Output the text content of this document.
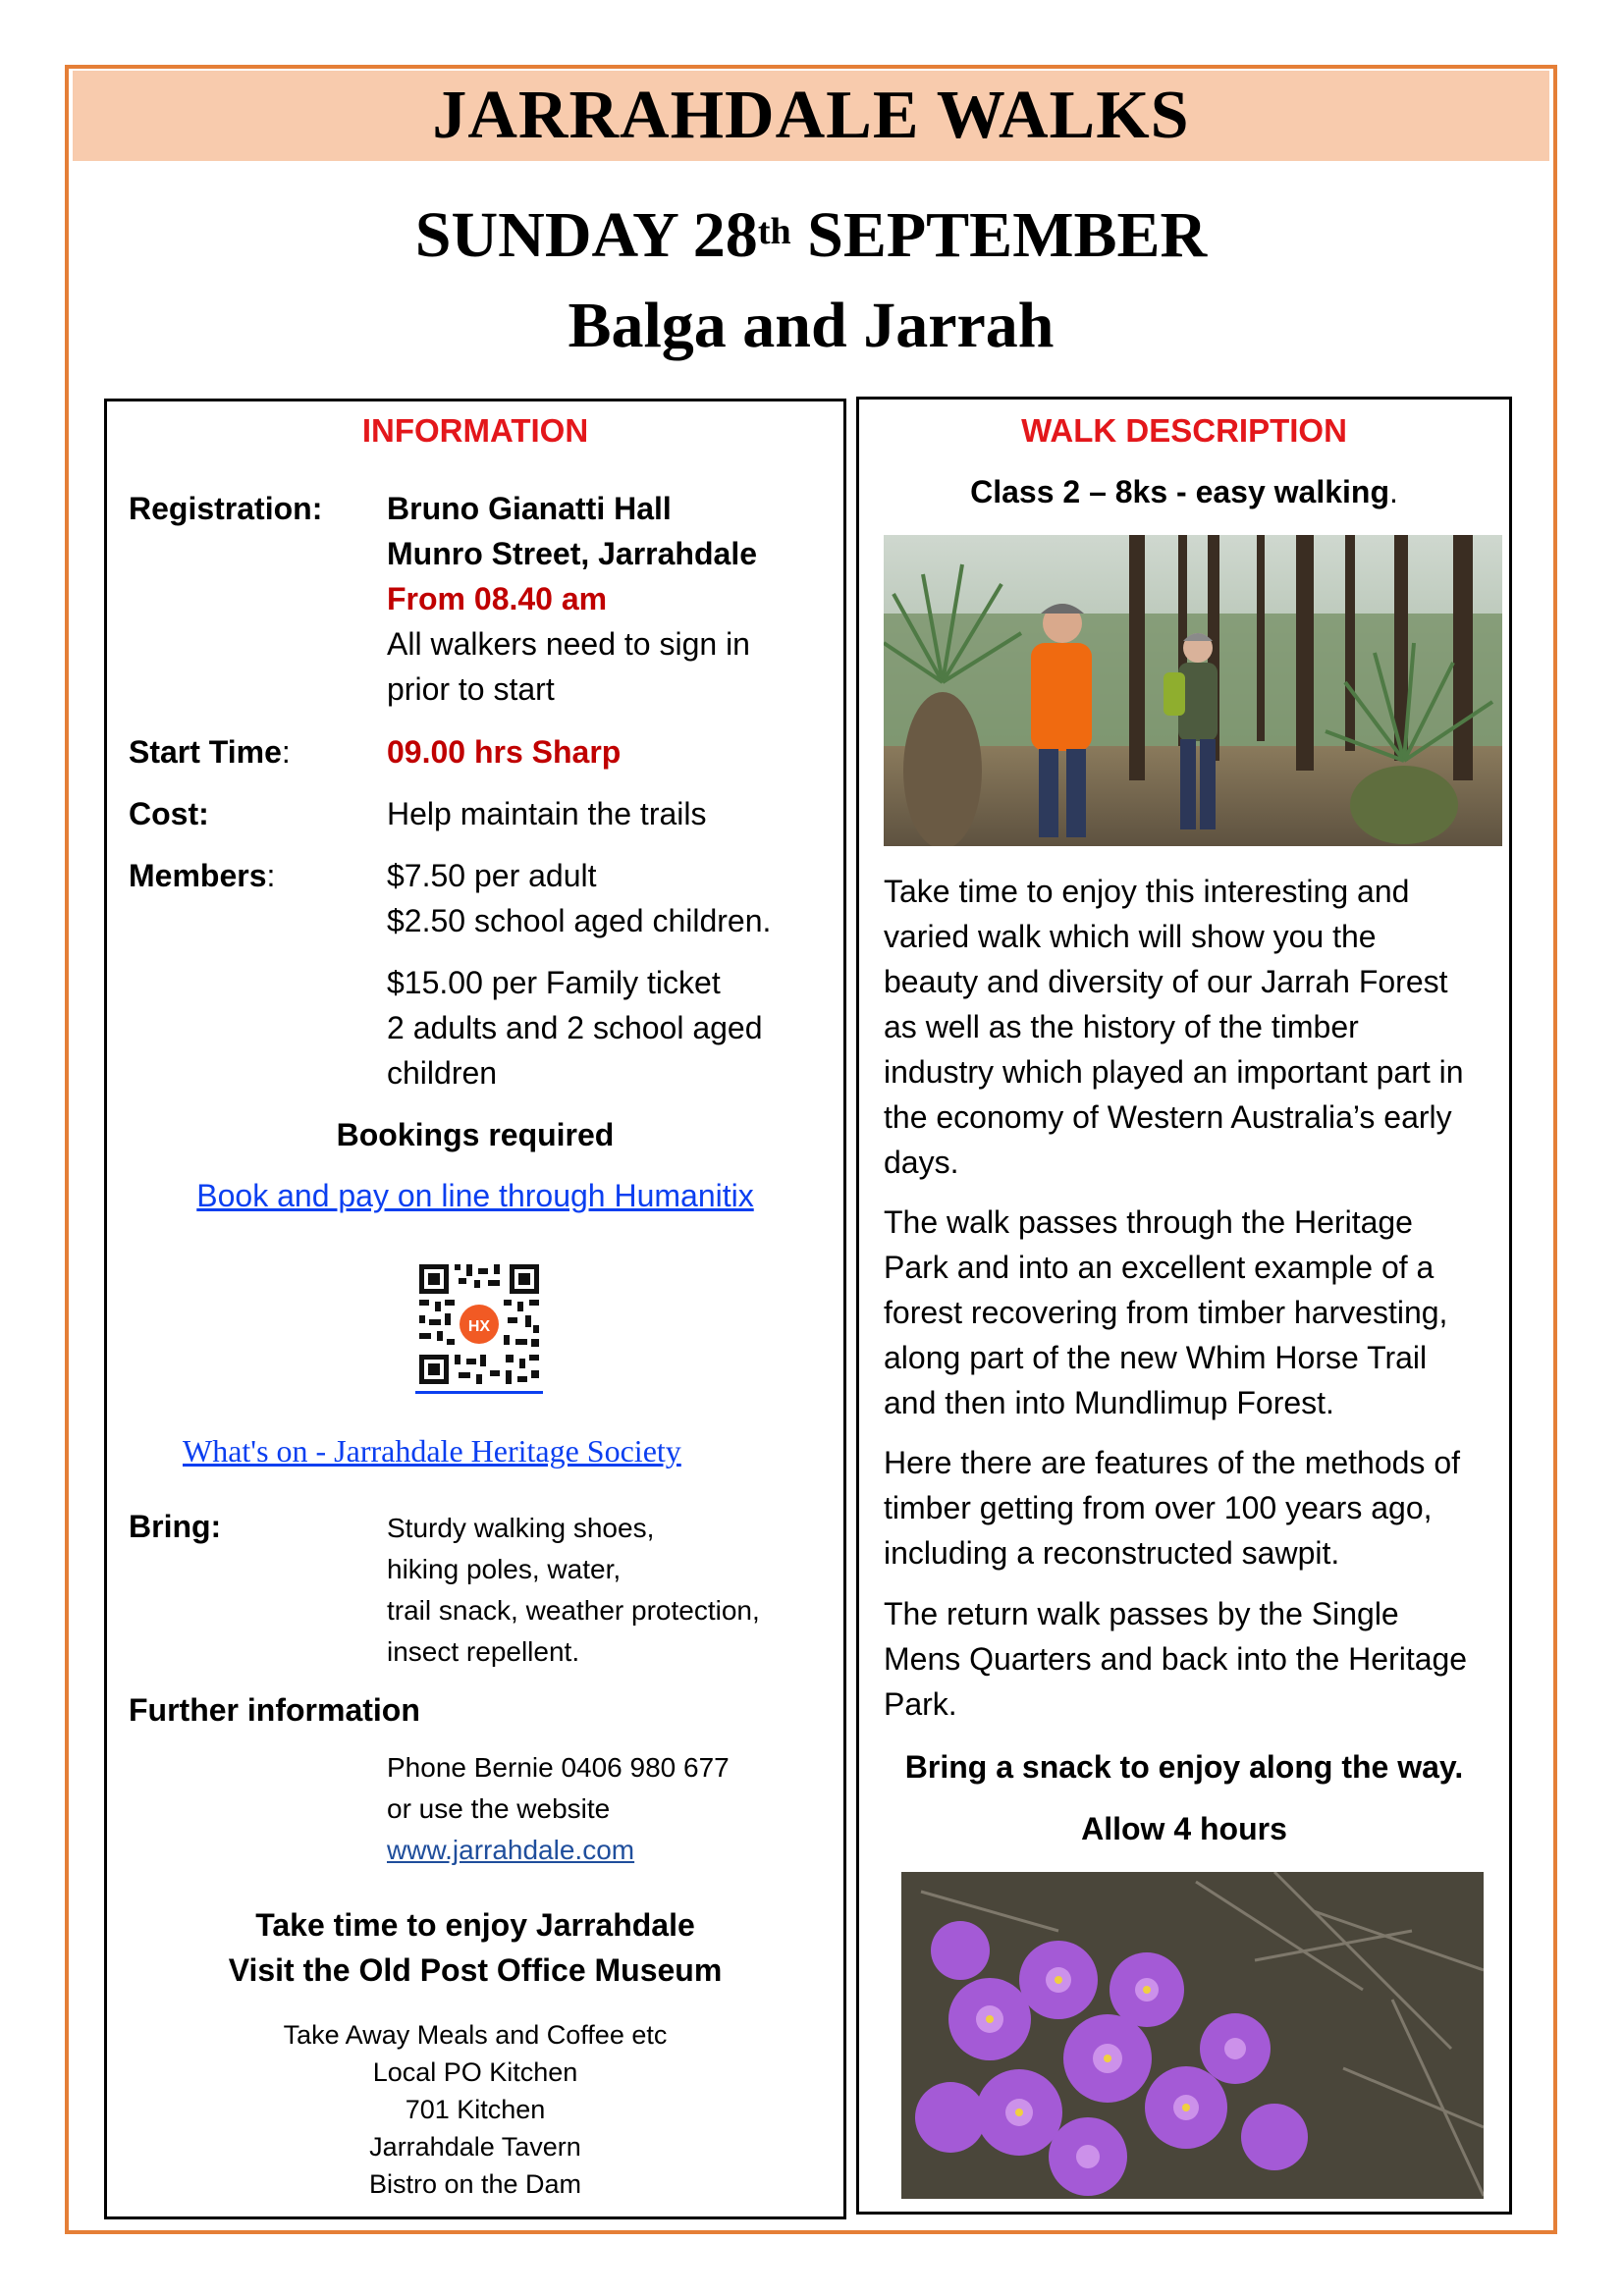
JARRAHDALE WALKS
SUNDAY 28th SEPTEMBER
Balga and Jarrah
INFORMATION
Registration: Bruno Gianatti Hall
Munro Street, Jarrahdale
From 08.40 am
All walkers need to sign in
prior to start
Start Time:	09.00 hrs Sharp
Cost:	Help maintain the trails
Members:	$7.50 per adult
$2.50 school aged children.
$15.00 per Family ticket
2 adults and 2 school aged
children
Bookings required
Book and pay on line through Humanitix
HX
What's on - Jarrahdale Heritage Society
Bring:	Sturdy walking shoes,
hiking poles, water,
trail snack, weather protection,
insect repellent.
Further information
Phone Bernie 0406 980 677
or use the website
www.jarrahdale.com
Take time to enjoy Jarrahdale
Visit the Old Post Office Museum
Take Away Meals and Coffee etc
Local PO Kitchen
701 Kitchen
Jarrahdale Tavern
Bistro on the Dam
WALK DESCRIPTION
Class 2 – 8ks - easy walking.

Take time to enjoy this interesting and

varied walk which will show you the

beauty and diversity of our Jarrah Forest

as well as the history of the timber

industry which played an important part in

the economy of Western Australia’s early

days.

The walk passes through the Heritage

Park and into an excellent example of a

forest recovering from timber harvesting,

along part of the new Whim Horse Trail

and then into Mundlimup Forest.

Here there are features of the methods of

timber getting from over 100 years ago,

including a reconstructed sawpit.

The return walk passes by the Single

Mens Quarters and back into the Heritage

Park.

Bring a snack to enjoy along the way.
Allow 4 hours
